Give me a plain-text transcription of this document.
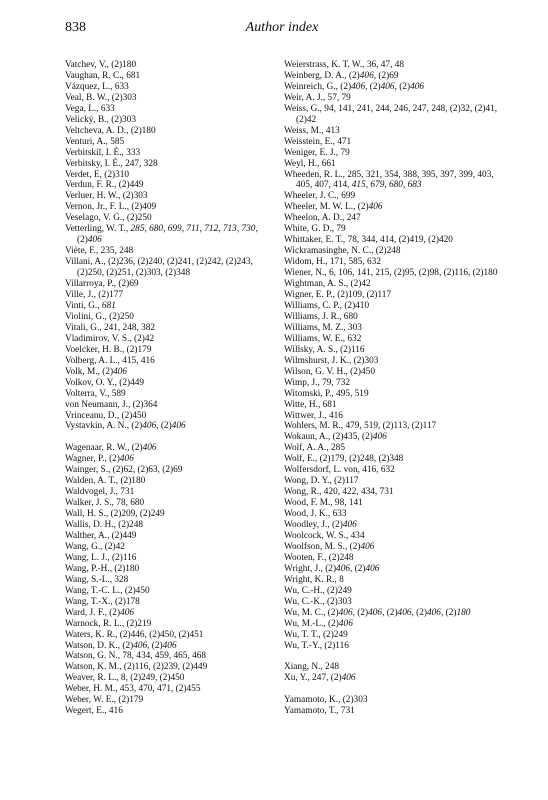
838	Author index
Vatchev, V., (2)180
Vaughan, R. C., 681
Vázquez, L., 633
Veal, B. W., (2)303
Vega, L., 633
Velický, B., (2)303
Veltcheva, A. D., (2)180
Venturi, A., 585
Verbitskiĭ, I. È., 333
Verbitsky, I. È., 247, 328
Verdet, E, (2)310
Verdun, F. R., (2)449
Verluer, H. W., (2)303
Vernon, Jr., F. L., (2)409
Veselago, V. G., (2)250
Vetterling, W. T., 285, 680, 699, 711, 712, 713, 730, (2)406
Viète, F., 235, 248
Villani, A., (2)236, (2)240, (2)241, (2)242, (2)243, (2)250, (2)251, (2)303, (2)348
Villarroya, P., (2)69
Ville, J., (2)177
Vinti, G., 681
Violini, G., (2)250
Vitali, G., 241, 248, 382
Vladimirov, V. S., (2)42
Voelcker, H. B., (2)179
Volberg, A. L., 415, 416
Volk, M., (2)406
Volkov, O. Y., (2)449
Volterra, V., 589
von Neumann, J., (2)364
Vrinceanu, D., (2)450
Vystavkin, A. N., (2)406, (2)406
Wagenaar, R. W., (2)406
Wagner, P., (2)406
Wainger, S., (2)62, (2)63, (2)69
Walden, A. T., (2)180
Waldvogel, J., 731
Walker, J. S., 78, 680
Wall, H. S., (2)209, (2)249
Wallis, D. H., (2)248
Walther, A., (2)449
Wang, G., (2)42
Wang, L. J., (2)116
Wang, P.-H., (2)180
Wang, S.-L., 328
Wang, T.-C. L., (2)450
Wang, T.-X., (2)178
Ward, J. F., (2)406
Warnock, R. L., (2)219
Waters, K. R., (2)446, (2)450, (2)451
Watson, D. K., (2)406, (2)406
Watson, G. N., 78, 434, 459, 465, 468
Watson, K. M., (2)116, (2)239, (2)449
Weaver, R. L., 8, (2)249, (2)450
Weber, H. M., 453, 470, 471, (2)455
Weber, W. E., (2)179
Wegert, E., 416
Weierstrass, K. T. W., 36, 47, 48
Weinberg, D. A., (2)406, (2)69
Weinreich, G., (2)406, (2)406, (2)406
Weir, A. J., 57, 79
Weiss, G., 94, 141, 241, 244, 246, 247, 248, (2)32, (2)41, (2)42
Weiss, M., 413
Weisstein, E., 471
Weniger, E. J., 79
Weyl, H., 661
Wheeden, R. L., 285, 321, 354, 388, 395, 397, 399, 403, 405, 407, 414, 415, 679, 680, 683
Wheeler, J. C., 699
Wheeler, M. W. L., (2)406
Wheelon, A. D., 247
White, G. D., 79
Whittaker, E. T., 78, 344, 414, (2)419, (2)420
Wickramasinghe, N. C., (2)248
Widom, H., 171, 585, 632
Wiener, N., 6, 106, 141, 215, (2)95, (2)98, (2)116, (2)180
Wightman, A. S., (2)42
Wigner, E. P., (2)109, (2)117
Williams, C. P., (2)410
Williams, J. R., 680
Williams, M. Z., 303
Williams, W. E., 632
Willsky, A. S., (2)116
Wilmshurst, J. K., (2)303
Wilson, G. V. H., (2)450
Wimp, J., 79, 732
Witomski, P., 495, 519
Witte, H., 681
Wittwer, J., 416
Wohlers, M. R., 479, 519, (2)113, (2)117
Wokaun, A., (2)435, (2)406
Wolf, A. A., 285
Wolf, E., (2)179, (2)248, (2)348
Wolfersdorf, L. von, 416, 632
Wong, D. Y., (2)117
Wong, R., 420, 422, 434, 731
Wood, F. M., 98, 141
Wood, J. K., 633
Woodley, J., (2)406
Woolcock, W. S., 434
Woolfson, M. S., (2)406
Wooten, F., (2)248
Wright, J., (2)406, (2)406
Wright, K. R., 8
Wu, C.-H., (2)249
Wu, C.-K., (2)303
Wu, M. C., (2)406, (2)406, (2)406, (2)406, (2)180
Wu, M.-L., (2)406
Wu, T. T., (2)249
Wu, T.-Y., (2)116
Xiang, N., 248
Xu, Y., 247, (2)406
Yamamoto, K., (2)303
Yamamoto, T., 731
